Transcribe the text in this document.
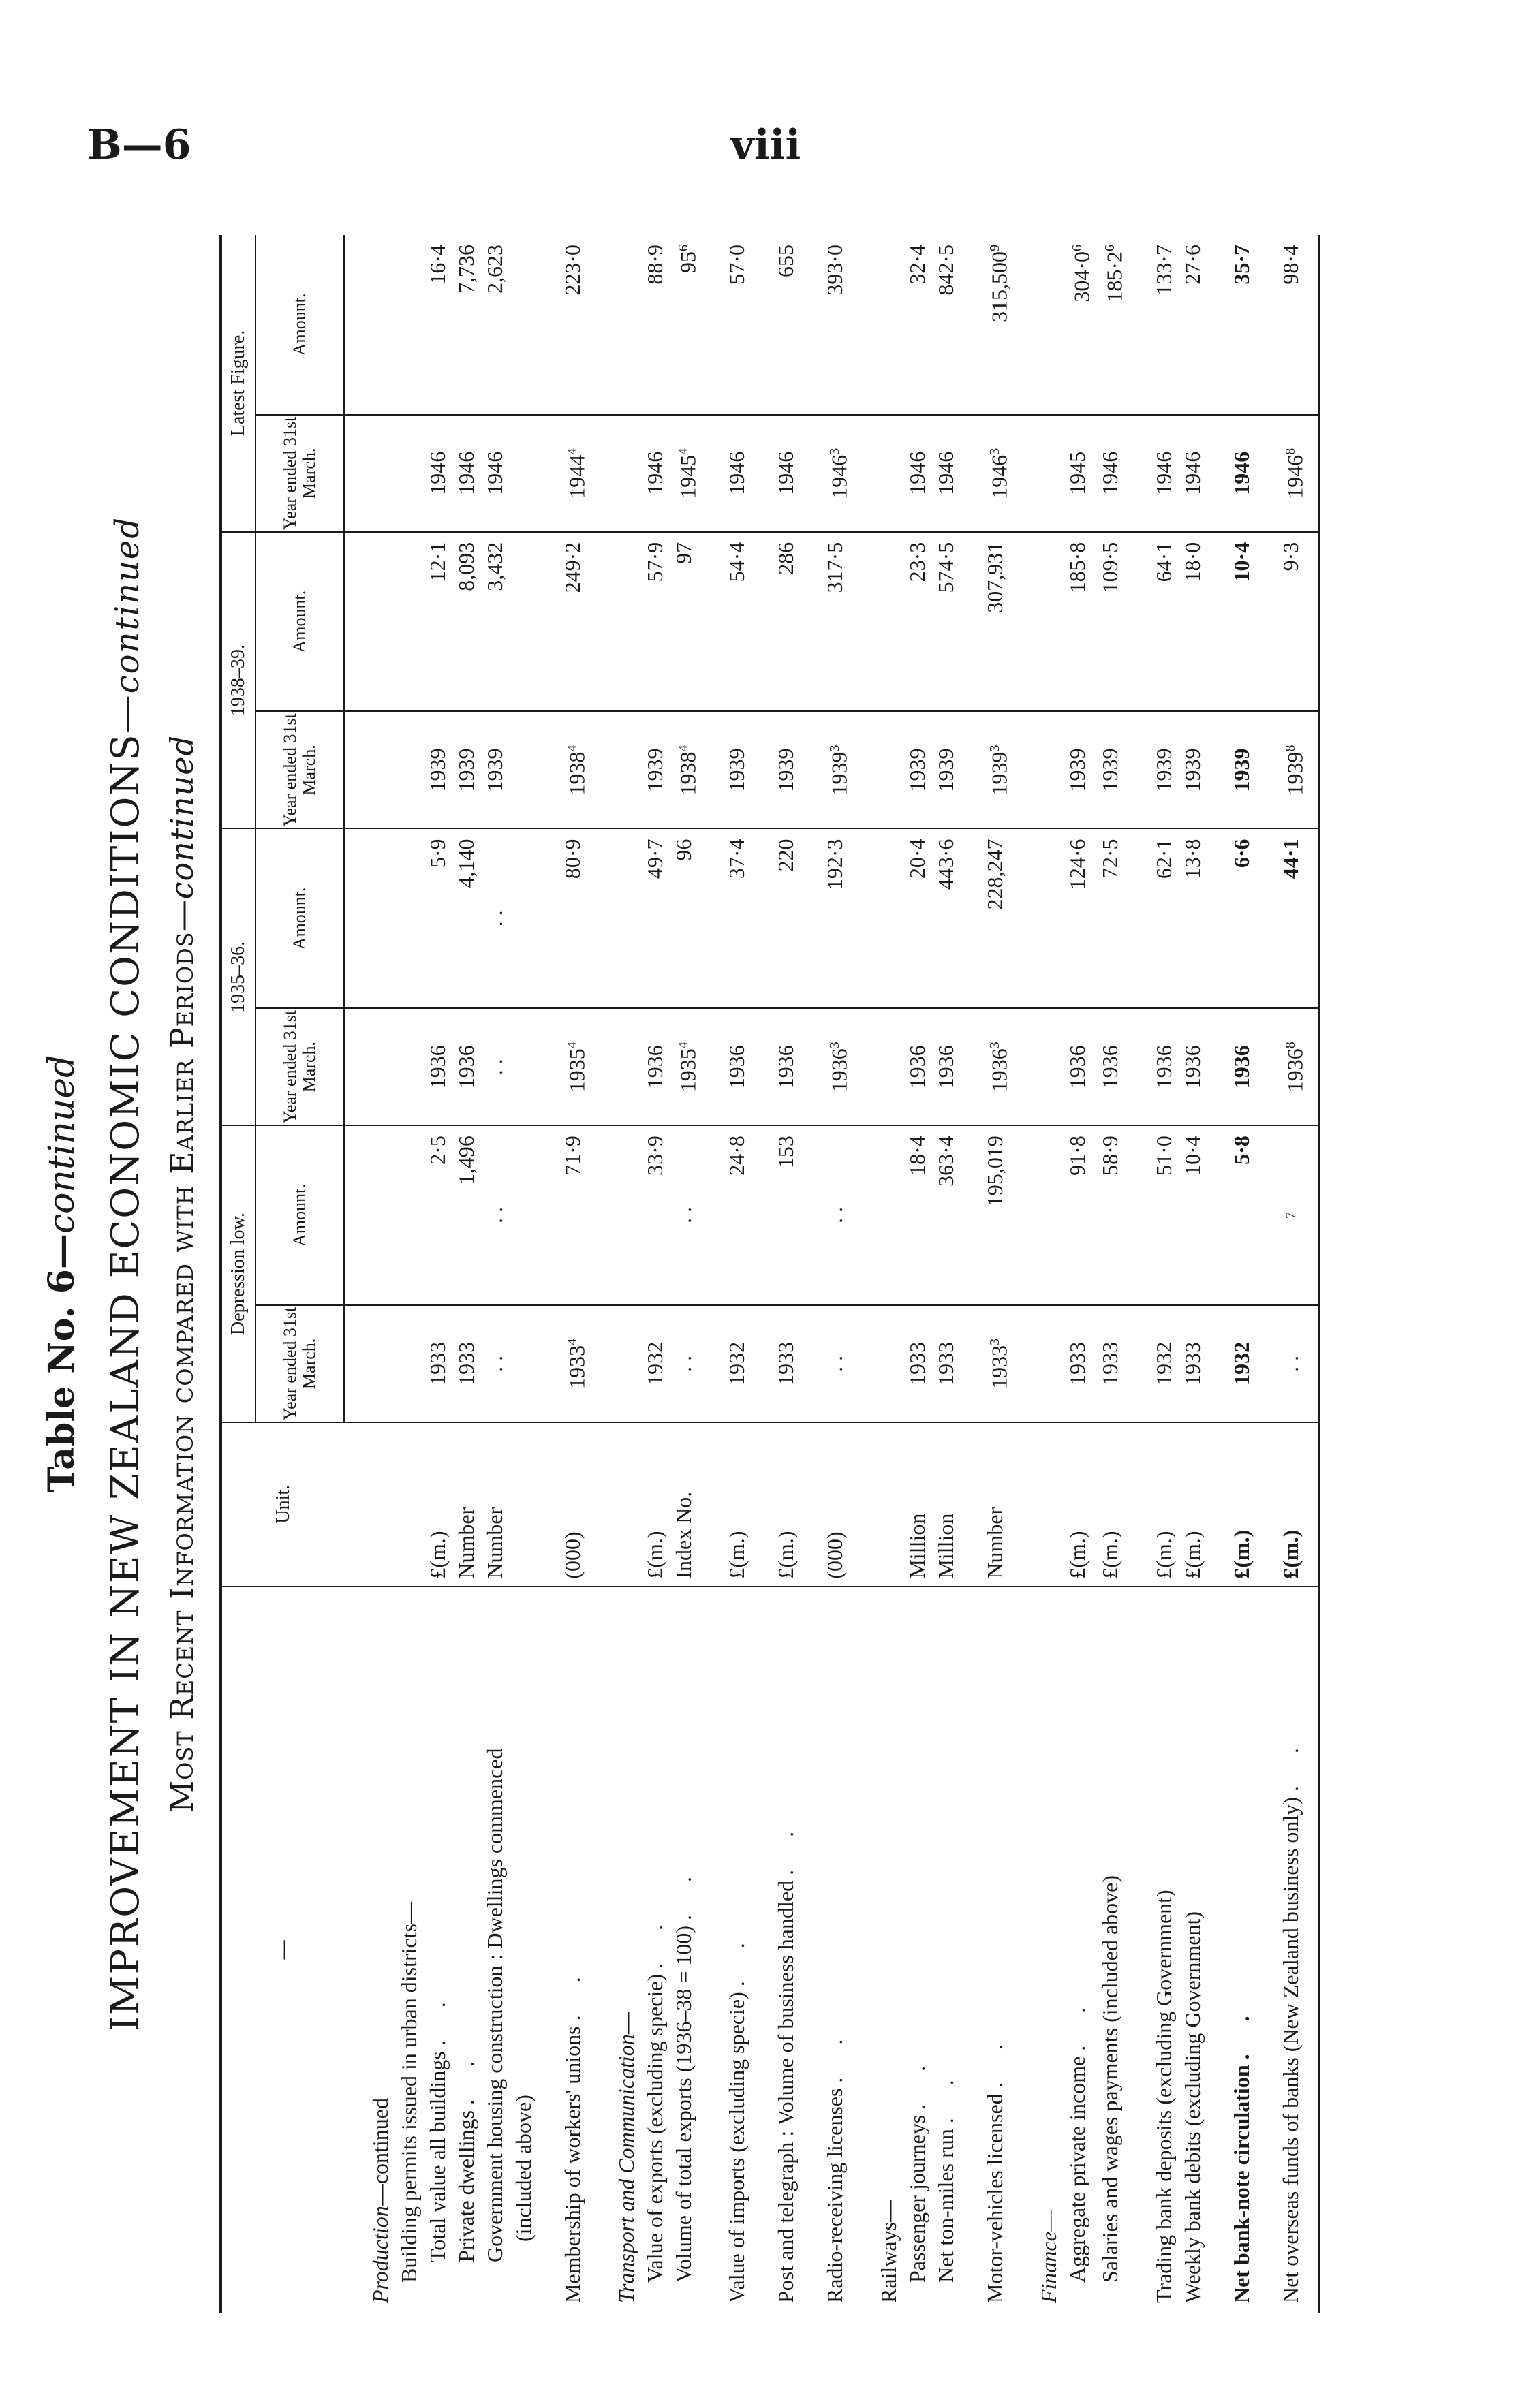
B—6	viii
Table No. 6—continued IMPROVEMENT IN NEW ZEALAND ECONOMIC CONDITIONS—continued
Most Recent Information compared with Earlier Periods—continued
—	Unit.	Depression low.		1935–36.		1938–39.		Latest Figure.	
		Year ended 31st March.	Amount.	Year ended 31st March.	Amount.	Year ended 31st March.	Amount.	Year ended 31st March.	Amount.

Production—continued									
Building permits issued in urban districts—									
Total value all buildings . .	£(m.)	1933	2·5	1936	5·9	1939	12·1	1946	16·4
Private dwellings . .	Number	1933	1,496	1936	4,140	1939	8,093	1946	7,736
Government housing construction : Dwellings commenced (included above)	Number	. .	. .	. .	. .	1939	3,432	1946	2,623

Membership of workers' unions . .	(000)	1933$^4$	71·9	1935$^4$	80·9	1938$^4$	249·2	1944$^4$	223·0

Transport and Communication—									
Value of exports (excluding specie) . .	£(m.)	1932	33·9	1936	49·7	1939	57·9	1946	88·9
Volume of total exports (1936–38 = 100) . .	Index No.	. .	. .	1935$^4$	96	1938$^4$	97	1945$^4$	$95^6$

Value of imports (excluding specie) . .	£(m.)	1932	24·8	1936	37·4	1939	54·4	1946	57·0

Post and telegraph : Volume of business handled . .	£(m.)	1933	153	1936	220	1939	286	1946	655

Radio-receiving licenses . .	(000)	. .	. .	1936$^3$	192·3	1939$^3$	317·5	1946$^3$	393·0

Railways—									
Passenger journeys . .	Million	1933	18·4	1936	20·4	1939	23·3	1946	32·4
Net ton-miles run . .	Million	1933	363·4	1936	443·6	1939	574·5	1946	842·5

Motor-vehicles licensed . .	Number	1933$^3$	195,019	1936$^3$	228,247	1939$^3$	307,931	1946$^3$	315,500$^9$

Finance—									
Aggregate private income . .	£(m.)	1933	91·8	1936	124·6	1939	185·8	1945	$304\cdot 0^6$
Salaries and wages payments (included above)	£(m.)	1933	58·9	1936	72·5	1939	109·5	1946	$185\cdot 2^6$

Trading bank deposits (excluding Government)	£(m.)	1932	51·0	1936	62·1	1939	64·1	1946	133·7
Weekly bank debits (excluding Government)	£(m.)	1933	10·4	1936	13·8	1939	18·0	1946	27·6

Net bank-note circulation . .	£(m.)	1932	5·8	1936	6·6	1939	10·4	1946	35·7

Net overseas funds of banks (New Zealand business only) . .	£(m.)	. .	$^7$	1936$^8$	44·1	1939$^8$	9·3	1946$^8$	98·4
